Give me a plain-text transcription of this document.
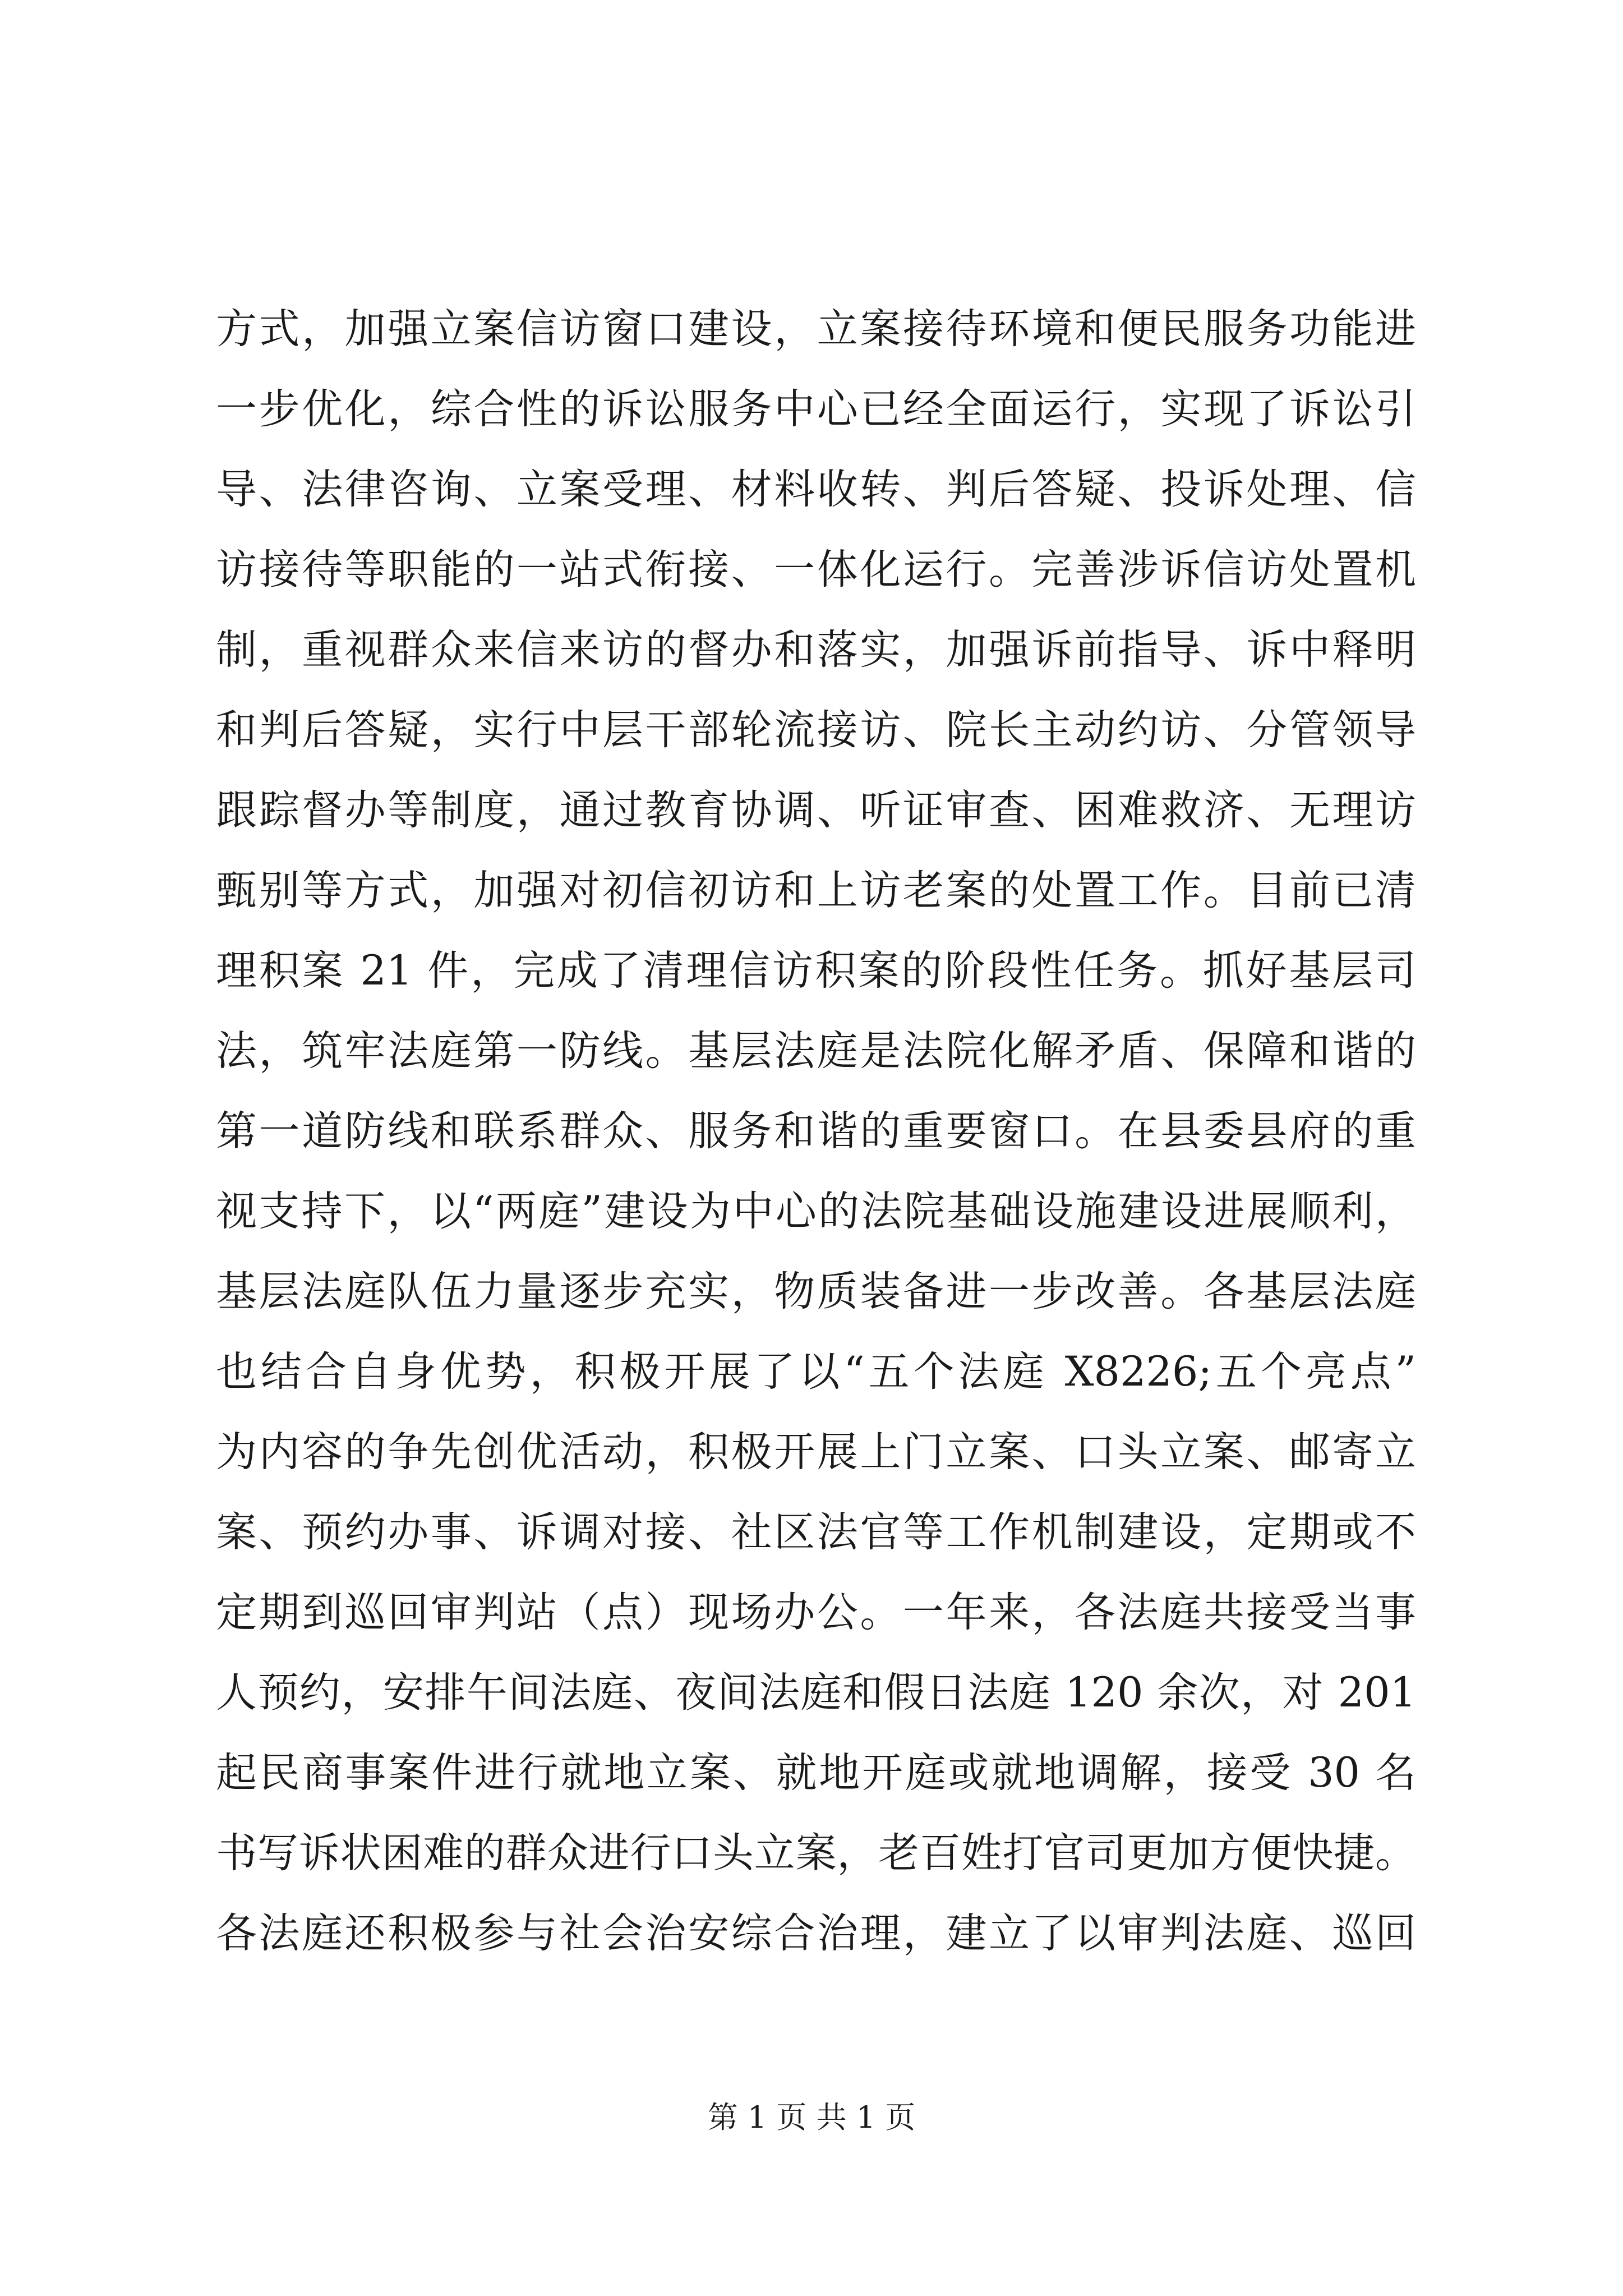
方式，加强立案信访窗口建设，立案接待环境和便民服务功能进
一步优化，综合性的诉讼服务中心已经全面运行，实现了诉讼引
导、法律咨询、立案受理、材料收转、判后答疑、投诉处理、信
访接待等职能的一站式衔接、一体化运行。完善涉诉信访处置机
制，重视群众来信来访的督办和落实，加强诉前指导、诉中释明
和判后答疑，实行中层干部轮流接访、院长主动约访、分管领导
跟踪督办等制度，通过教育协调、听证审查、困难救济、无理访
甄别等方式，加强对初信初访和上访老案的处置工作。目前已清
理积案 21 件，完成了清理信访积案的阶段性任务。抓好基层司
法，筑牢法庭第一防线。基层法庭是法院化解矛盾、保障和谐的
第一道防线和联系群众、服务和谐的重要窗口。在县委县府的重
视支持下，以“两庭”建设为中心的法院基础设施建设进展顺利，
基层法庭队伍力量逐步充实，物质装备进一步改善。各基层法庭
也结合自身优势，积极开展了以“五个法庭 X8226;五个亮点”
为内容的争先创优活动，积极开展上门立案、口头立案、邮寄立
案、预约办事、诉调对接、社区法官等工作机制建设，定期或不
定期到巡回审判站（点）现场办公。一年来，各法庭共接受当事
人预约，安排午间法庭、夜间法庭和假日法庭 120 余次，对 201
起民商事案件进行就地立案、就地开庭或就地调解，接受 30 名
书写诉状困难的群众进行口头立案，老百姓打官司更加方便快捷。
各法庭还积极参与社会治安综合治理，建立了以审判法庭、巡回
第 1 页 共 1 页
